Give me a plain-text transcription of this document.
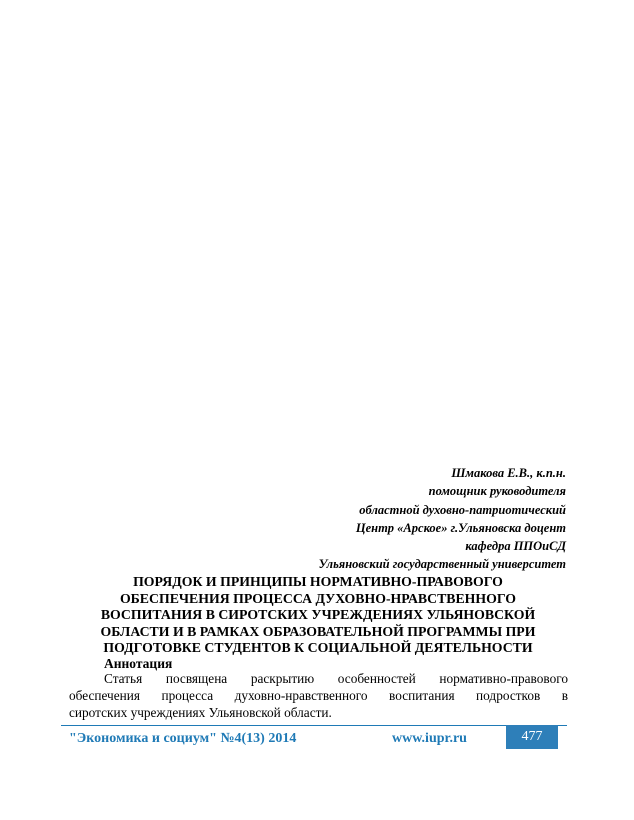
Шмакова Е.В., к.п.н.
помощник руководителя
областной духовно-патриотический
Центр «Арское» г.Ульяновска доцент
кафедра ППОиСД
Ульяновский государственный университет
ПОРЯДОК И ПРИНЦИПЫ НОРМАТИВНО-ПРАВОВОГО
ОБЕСПЕЧЕНИЯ ПРОЦЕССА ДУХОВНО-НРАВСТВЕННОГО
ВОСПИТАНИЯ В СИРОТСКИХ УЧРЕЖДЕНИЯХ УЛЬЯНОВСКОЙ
ОБЛАСТИ И В РАМКАХ ОБРАЗОВАТЕЛЬНОЙ ПРОГРАММЫ ПРИ
ПОДГОТОВКЕ СТУДЕНТОВ К СОЦИАЛЬНОЙ ДЕЯТЕЛЬНОСТИ
Аннотация
Статья посвящена раскрытию особенностей нормативно-правового
обеспечения процесса духовно-нравственного воспитания подростков в
сиротских учреждениях Ульяновской области.
"Экономика и социум" №4(13) 2014	www.iupr.ru	477
